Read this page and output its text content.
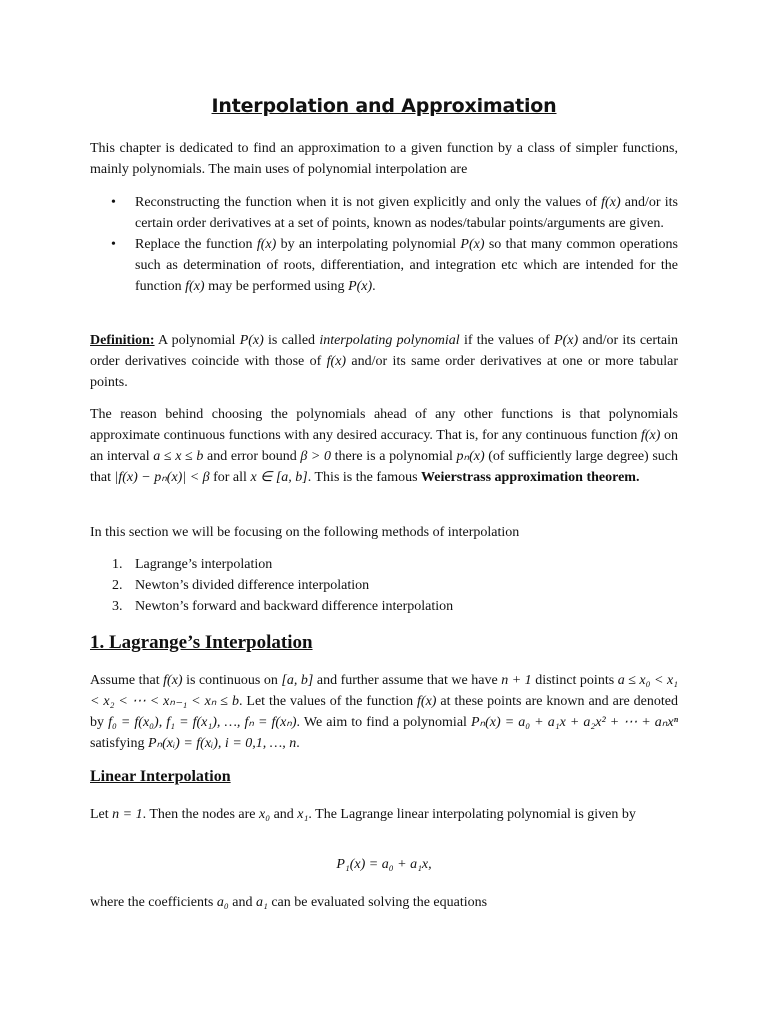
Interpolation and Approximation

This chapter is dedicated to find an approximation to a given function by a class of simpler functions, mainly polynomials. The main uses of polynomial interpolation are

• Reconstructing the function when it is not given explicitly and only the values of f(x) and/or its certain order derivatives at a set of points, known as nodes/tabular points/arguments are given.
• Replace the function f(x) by an interpolating polynomial P(x) so that many common operations such as determination of roots, differentiation, and integration etc which are intended for the function f(x) may be performed using P(x).

Definition: A polynomial P(x) is called interpolating polynomial if the values of P(x) and/or its certain order derivatives coincide with those of f(x) and/or its same order derivatives at one or more tabular points.

The reason behind choosing the polynomials ahead of any other functions is that polynomials approximate continuous functions with any desired accuracy. That is, for any continuous function f(x) on an interval a ≤ x ≤ b and error bound β > 0 there is a polynomial pₙ(x) (of sufficiently large degree) such that |f(x) − pₙ(x)| < β for all x ∈ [a, b]. This is the famous Weierstrass approximation theorem.

In this section we will be focusing on the following methods of interpolation

1. Lagrange’s interpolation
2. Newton’s divided difference interpolation
3. Newton’s forward and backward difference interpolation
1. Lagrange’s Interpolation

Assume that f(x) is continuous on [a, b] and further assume that we have n + 1 distinct points a ≤ x₀ < x₁ < x₂ < ⋯ < xₙ₋₁ < xₙ ≤ b. Let the values of the function f(x) at these points are known and are denoted by f₀ = f(x₀), f₁ = f(x₁), …, fₙ = f(xₙ). We aim to find a polynomial Pₙ(x) = a₀ + a₁x + a₂x² + ⋯ + aₙxⁿ satisfying Pₙ(xᵢ) = f(xᵢ), i = 0,1, …, n.

Linear Interpolation

Let n = 1. Then the nodes are x₀ and x₁. The Lagrange linear interpolating polynomial is given by

P₁(x) = a₀ + a₁x,

where the coefficients a₀ and a₁ can be evaluated solving the equations
